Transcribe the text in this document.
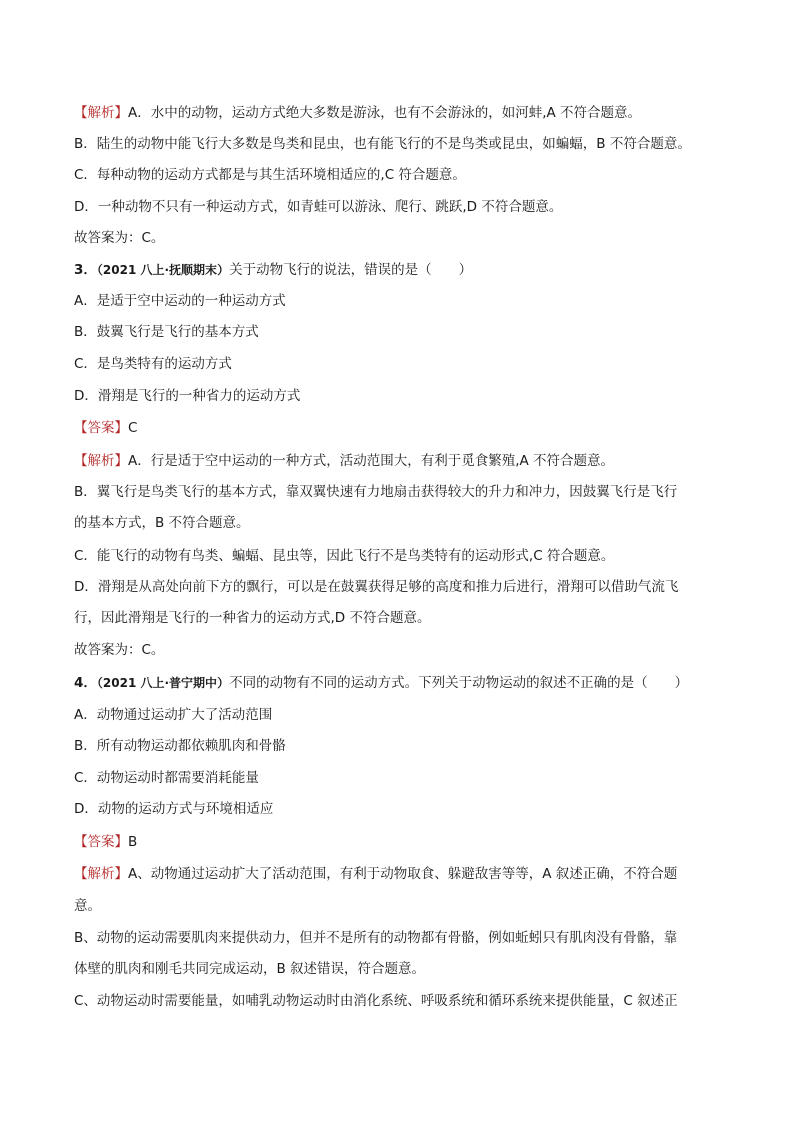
【解析】A．水中的动物，运动方式绝大多数是游泳，也有不会游泳的，如河蚌,A 不符合题意。
B．陆生的动物中能飞行大多数是鸟类和昆虫，也有能飞行的不是鸟类或昆虫，如蝙蝠，B 不符合题意。
C．每种动物的运动方式都是与其生活环境相适应的,C 符合题意。
D．一种动物不只有一种运动方式，如青蛙可以游泳、爬行、跳跃,D 不符合题意。
故答案为：C。
3．（2021 八上·抚顺期末）关于动物飞行的说法，错误的是（　　）
A．是适于空中运动的一种运动方式
B．鼓翼飞行是飞行的基本方式
C．是鸟类特有的运动方式
D．滑翔是飞行的一种省力的运动方式
【答案】C
【解析】A．行是适于空中运动的一种方式，活动范围大，有利于觅食繁殖,A 不符合题意。
B．翼飞行是鸟类飞行的基本方式，靠双翼快速有力地扇击获得较大的升力和冲力，因鼓翼飞行是飞行
的基本方式，B 不符合题意。
C．能飞行的动物有鸟类、蝙蝠、昆虫等，因此飞行不是鸟类特有的运动形式,C 符合题意。
D．滑翔是从高处向前下方的飘行，可以是在鼓翼获得足够的高度和推力后进行，滑翔可以借助气流飞
行，因此滑翔是飞行的一种省力的运动方式,D 不符合题意。
故答案为：C。
4．（2021 八上·普宁期中）不同的动物有不同的运动方式。下列关于动物运动的叙述不正确的是（　　）
A．动物通过运动扩大了活动范围
B．所有动物运动都依赖肌肉和骨骼
C．动物运动时都需要消耗能量
D．动物的运动方式与环境相适应
【答案】B
【解析】A、动物通过运动扩大了活动范围，有利于动物取食、躲避敌害等等，A 叙述正确，不符合题
意。
B、动物的运动需要肌肉来提供动力，但并不是所有的动物都有骨骼，例如蚯蚓只有肌肉没有骨骼，靠
体壁的肌肉和刚毛共同完成运动，B 叙述错误，符合题意。
C、动物运动时需要能量，如哺乳动物运动时由消化系统、呼吸系统和循环系统来提供能量，C 叙述正
